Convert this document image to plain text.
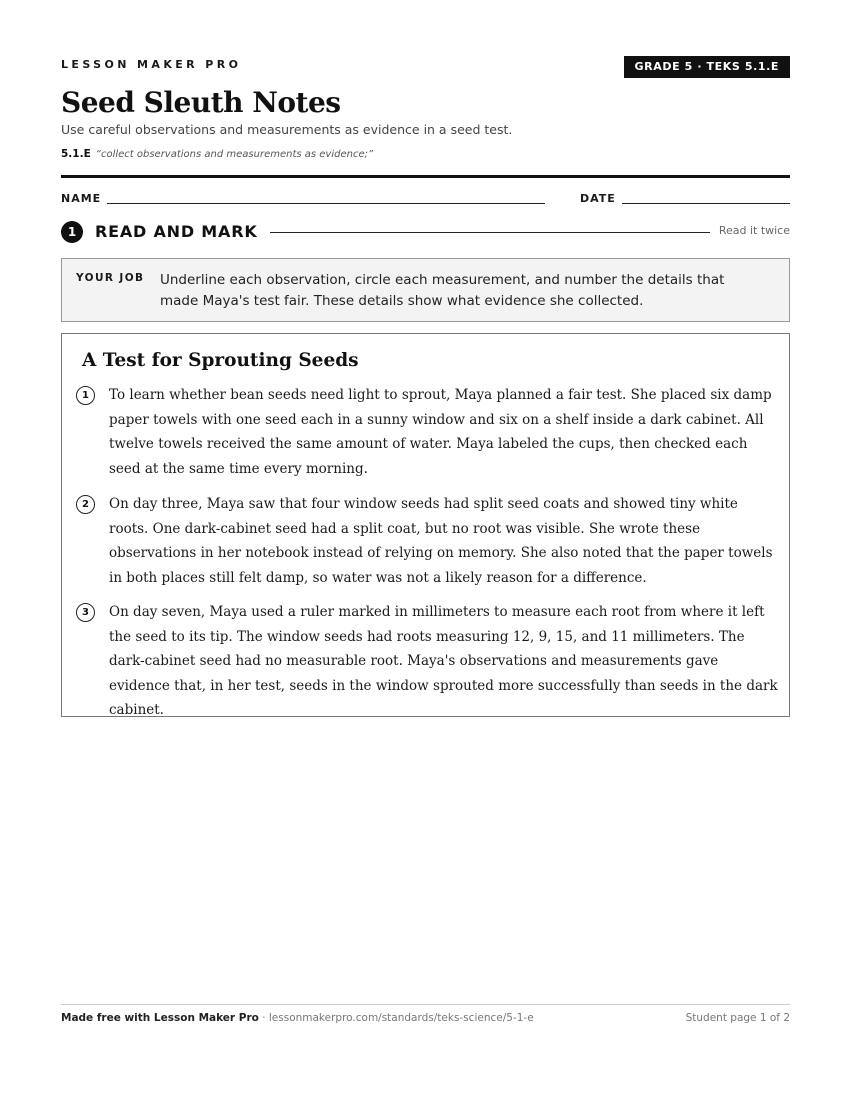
LESSON MAKER PRO	GRADE 5 · TEKS 5.1.E
Seed Sleuth Notes
Use careful observations and measurements as evidence in a seed test.
5.1.E “collect observations and measurements as evidence;”
NAME	DATE
1	READ AND MARK	Read it twice
YOUR JOB Underline each observation, circle each measurement, and number the details that made Maya's test fair. These details show what evidence she collected.
A Test for Sprouting Seeds
1	To learn whether bean seeds need light to sprout, Maya planned a fair test. She placed six damp paper towels with one seed each in a sunny window and six on a shelf inside a dark cabinet. All twelve towels received the same amount of water. Maya labeled the cups, then checked each seed at the same time every morning.
2	On day three, Maya saw that four window seeds had split seed coats and showed tiny white roots. One dark-cabinet seed had a split coat, but no root was visible. She wrote these observations in her notebook instead of relying on memory. She also noted that the paper towels in both places still felt damp, so water was not a likely reason for a difference.
3	On day seven, Maya used a ruler marked in millimeters to measure each root from where it left the seed to its tip. The window seeds had roots measuring 12, 9, 15, and 11 millimeters. The dark-cabinet seed had no measurable root. Maya's observations and measurements gave evidence that, in her test, seeds in the window sprouted more successfully than seeds in the dark cabinet.
Made free with Lesson Maker Pro · lessonmakerpro.com/standards/teks-science/5-1-e	Student page 1 of 2
